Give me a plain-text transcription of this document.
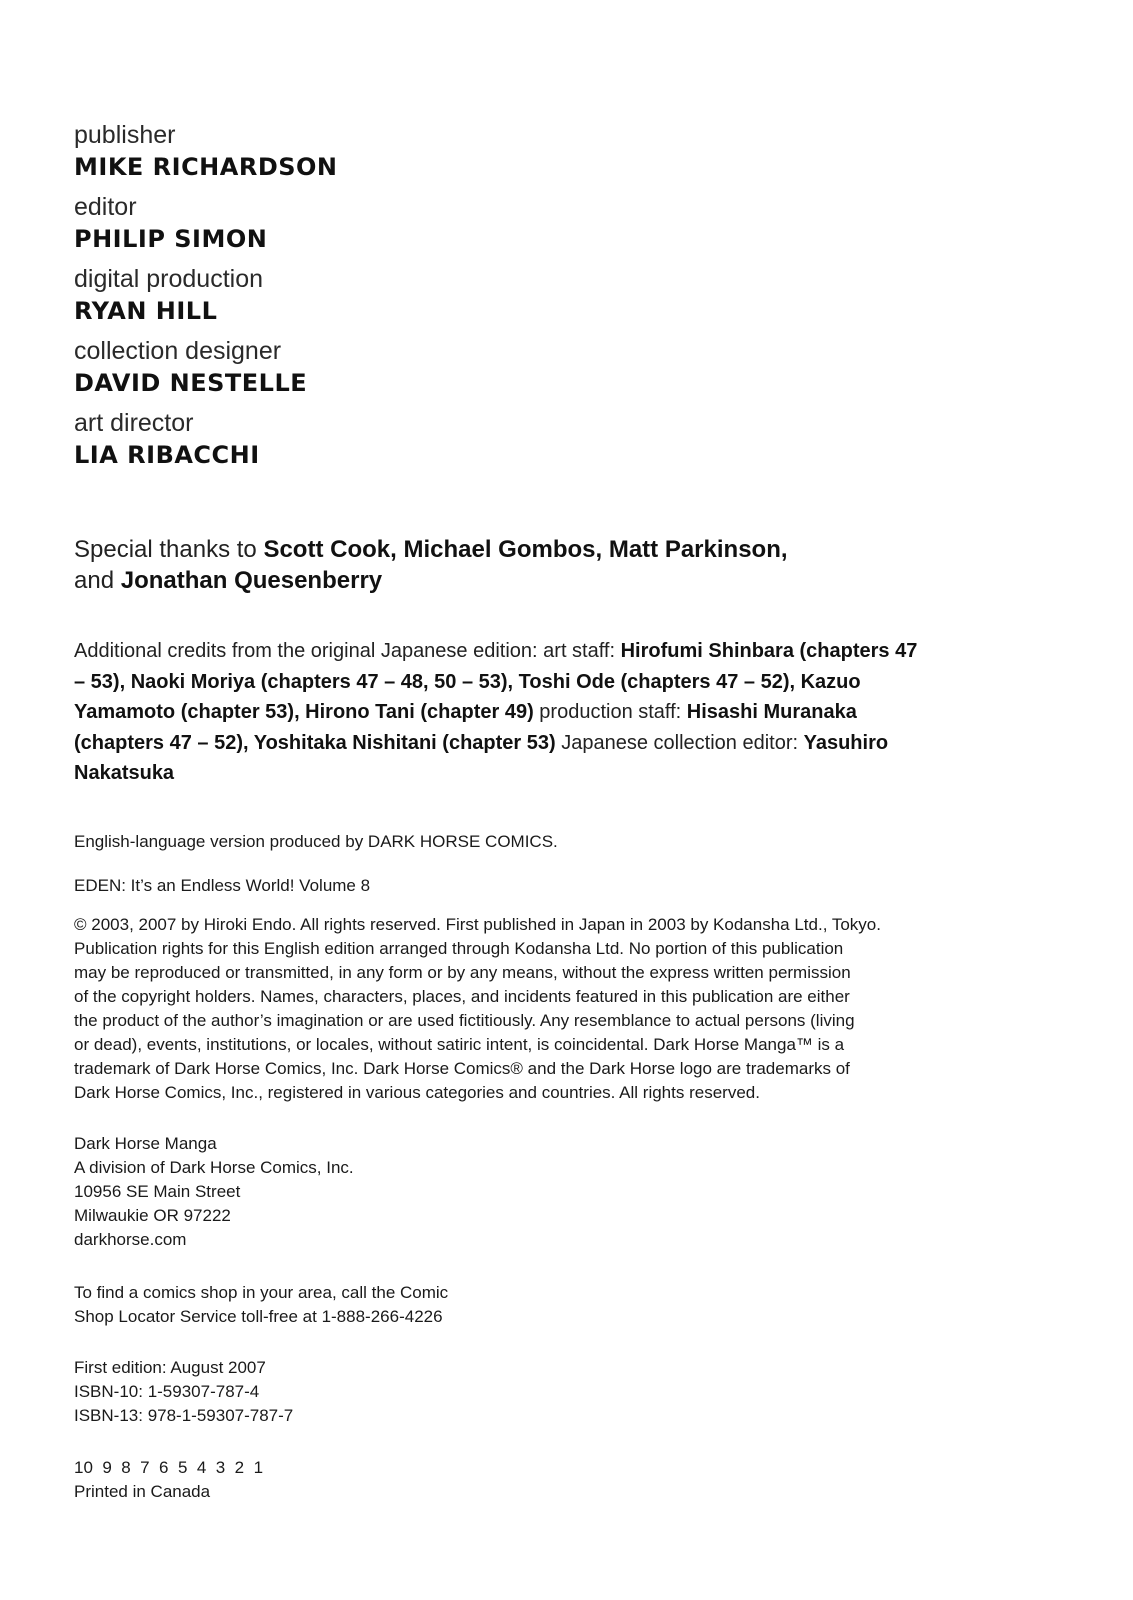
publisher
MIKE RICHARDSON
editor
PHILIP SIMON
digital production
RYAN HILL
collection designer
DAVID NESTELLE
art director
LIA RIBACCHI
Special thanks to Scott Cook, Michael Gombos, Matt Parkinson,
and Jonathan Quesenberry
Additional credits from the original Japanese edition: art staff: Hirofumi Shinbara (chapters 47 – 53), Naoki Moriya (chapters 47 – 48, 50 – 53), Toshi Ode (chapters 47 – 52), Kazuo Yamamoto (chapter 53), Hirono Tani (chapter 49) production staff: Hisashi Muranaka (chapters 47 – 52), Yoshitaka Nishitani (chapter 53) Japanese collection editor: Yasuhiro Nakatsuka
English-language version produced by DARK HORSE COMICS.
EDEN: It’s an Endless World! Volume 8
© 2003, 2007 by Hiroki Endo. All rights reserved. First published in Japan in 2003 by Kodansha Ltd., Tokyo.
Publication rights for this English edition arranged through Kodansha Ltd. No portion of this publication
may be reproduced or transmitted, in any form or by any means, without the express written permission
of the copyright holders. Names, characters, places, and incidents featured in this publication are either
the product of the author’s imagination or are used fictitiously. Any resemblance to actual persons (living
or dead), events, institutions, or locales, without satiric intent, is coincidental. Dark Horse Manga™ is a
trademark of Dark Horse Comics, Inc. Dark Horse Comics® and the Dark Horse logo are trademarks of
Dark Horse Comics, Inc., registered in various categories and countries. All rights reserved.
Dark Horse Manga
A division of Dark Horse Comics, Inc.
10956 SE Main Street
Milwaukie OR 97222
darkhorse.com
To find a comics shop in your area, call the Comic
Shop Locator Service toll-free at 1-888-266-4226
First edition: August 2007
ISBN-10: 1-59307-787-4
ISBN-13: 978-1-59307-787-7
10  9  8  7  6  5  4  3  2  1
Printed in Canada
